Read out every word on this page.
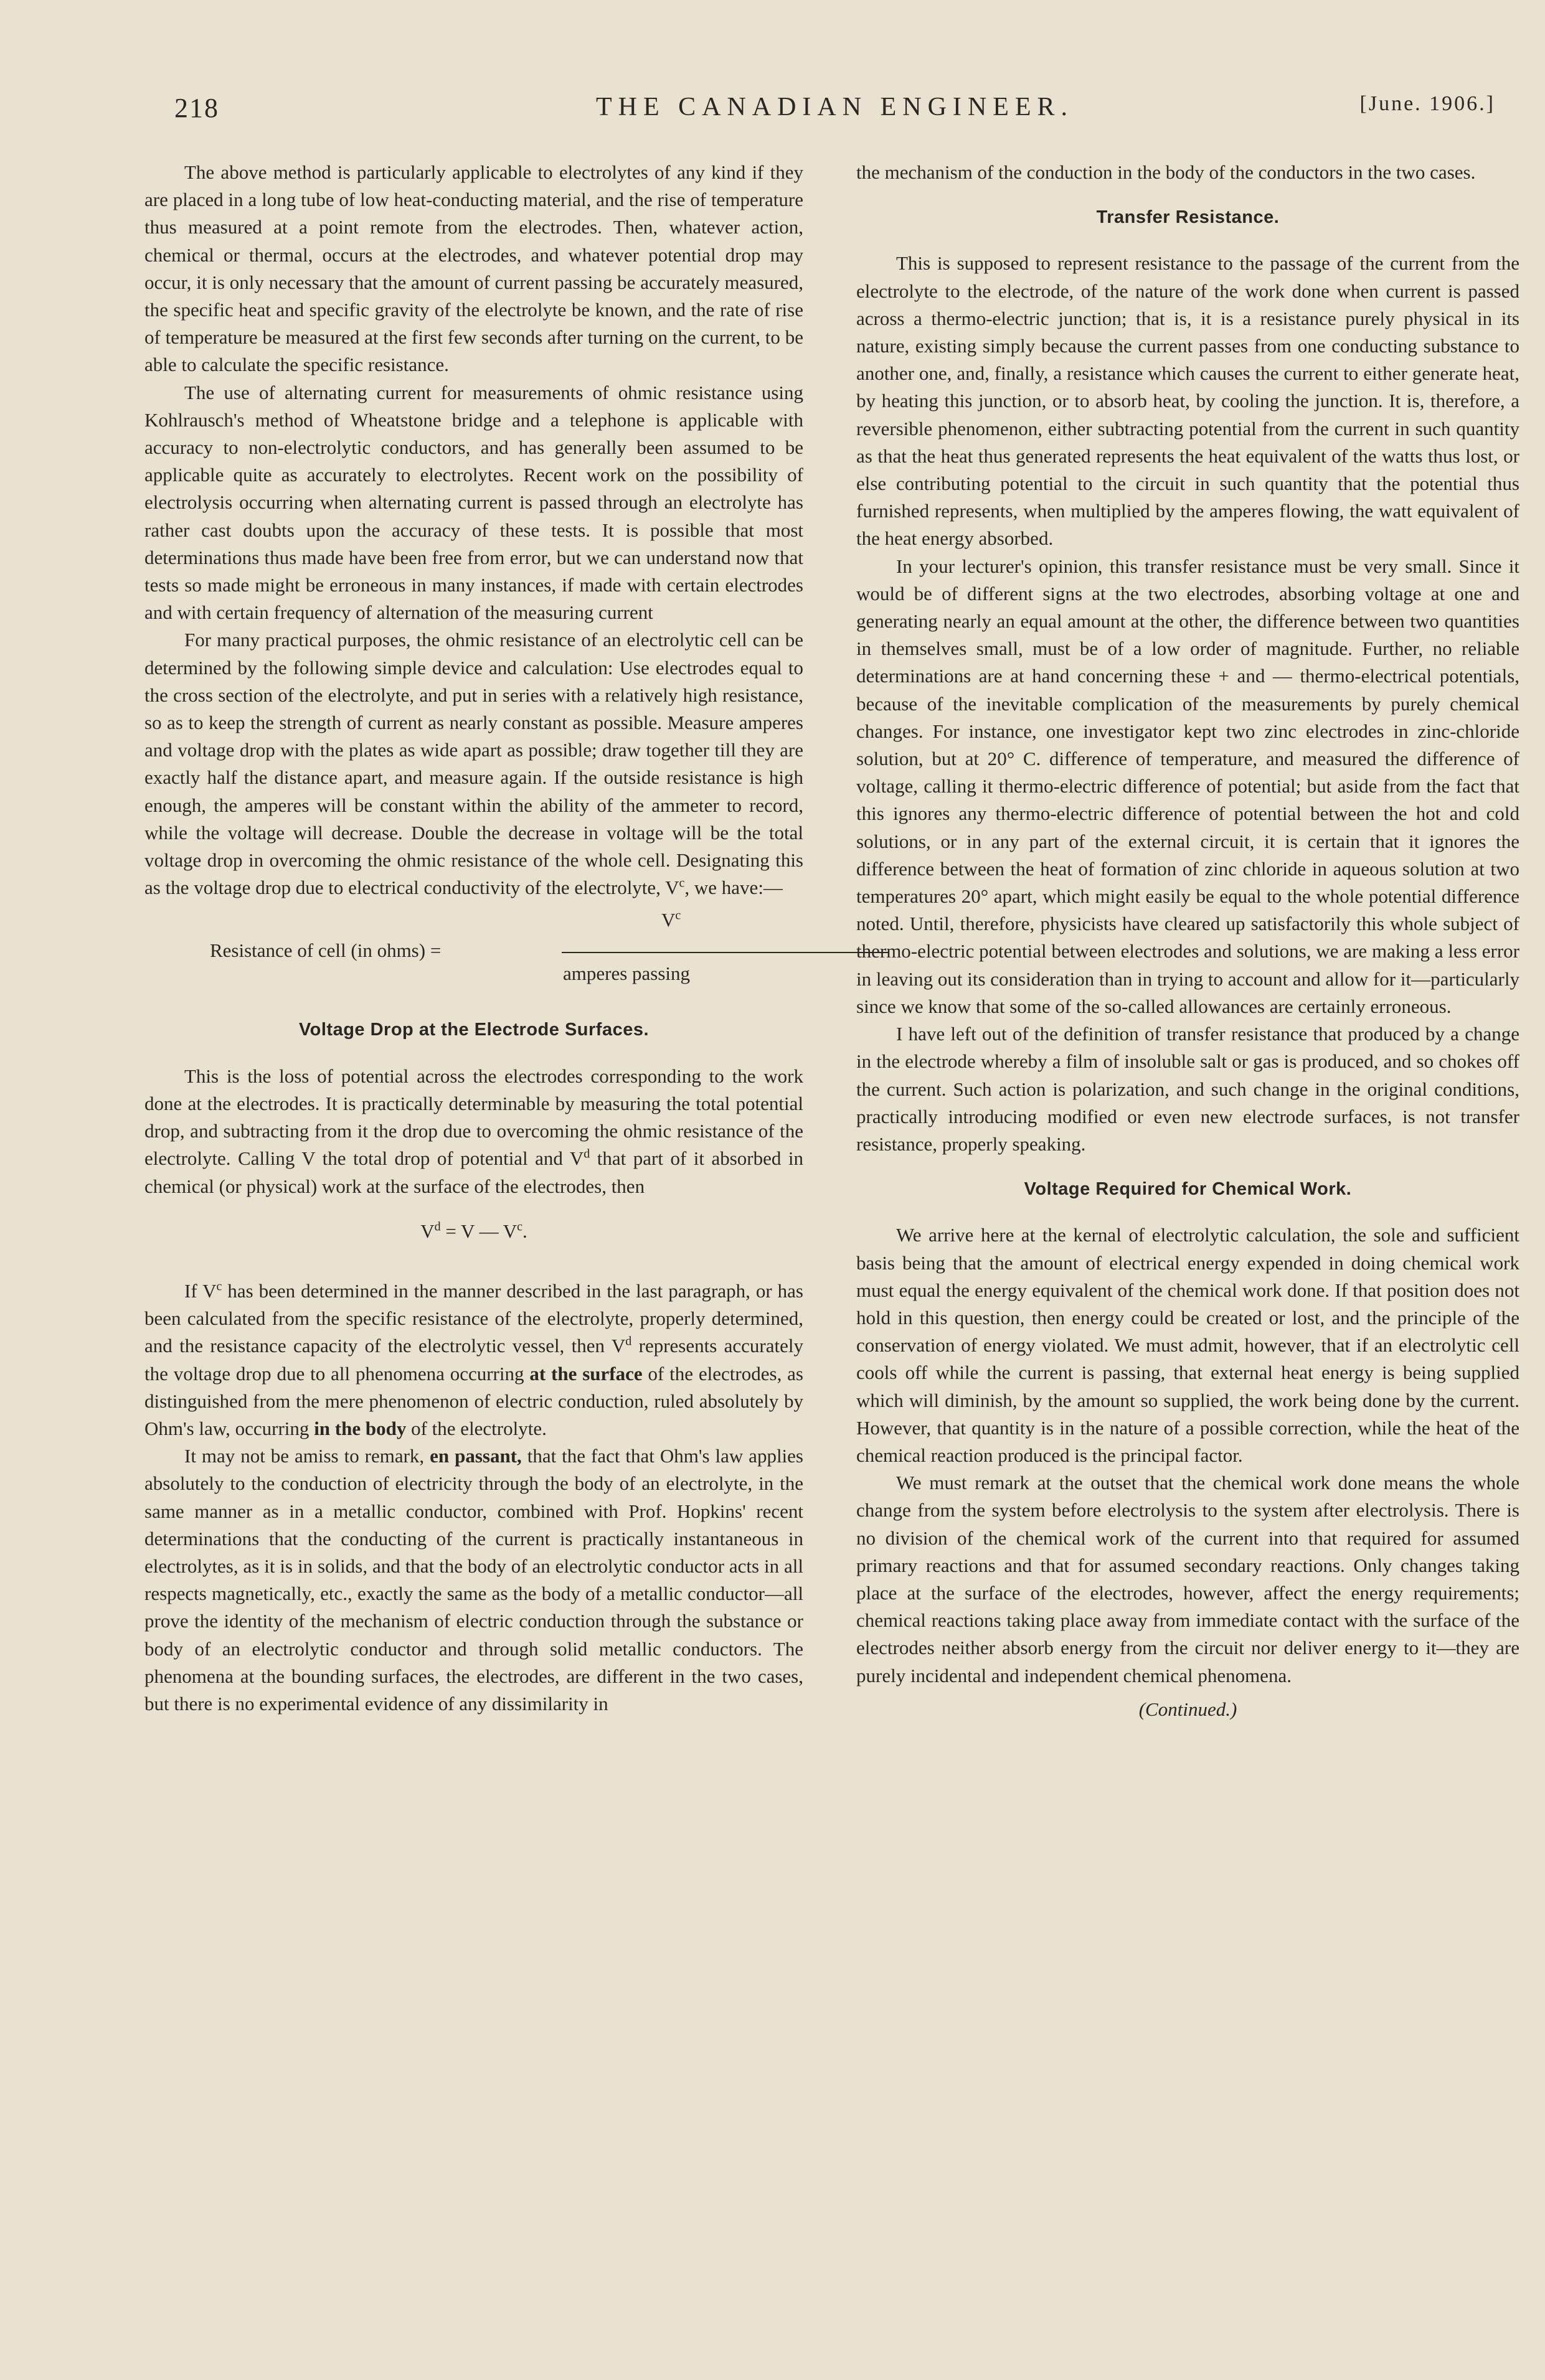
218	THE CANADIAN ENGINEER.	[June. 1906.]

The above method is particularly applicable to electrolytes of any kind if they are placed in a long tube of low heat-conducting material, and the rise of temperature thus measured at a point remote from the electrodes. Then, whatever action, chemical or thermal, occurs at the electrodes, and whatever potential drop may occur, it is only necessary that the amount of current passing be accurately measured, the specific heat and specific gravity of the electrolyte be known, and the rate of rise of temperature be measured at the first few seconds after turning on the current, to be able to calculate the specific resistance.

The use of alternating current for measurements of ohmic resistance using Kohlrausch's method of Wheatstone bridge and a telephone is applicable with accuracy to non-electrolytic conductors, and has generally been assumed to be applicable quite as accurately to electrolytes. Recent work on the possibility of electrolysis occurring when alternating current is passed through an electrolyte has rather cast doubts upon the accuracy of these tests. It is possible that most determinations thus made have been free from error, but we can understand now that tests so made might be erroneous in many instances, if made with certain electrodes and with certain frequency of alternation of the measuring current

For many practical purposes, the ohmic resistance of an electrolytic cell can be determined by the following simple device and calculation: Use electrodes equal to the cross section of the electrolyte, and put in series with a relatively high resistance, so as to keep the strength of current as nearly constant as possible. Measure amperes and voltage drop with the plates as wide apart as possible; draw together till they are exactly half the distance apart, and measure again. If the outside resistance is high enough, the amperes will be constant within the ability of the ammeter to record, while the voltage will decrease. Double the decrease in voltage will be the total voltage drop in overcoming the ohmic resistance of the whole cell. Designating this as the voltage drop due to electrical conductivity of the electrolyte, $V^c$, we have:—

$V^c$
Resistance of cell (in ohms) =
amperes passing
Voltage Drop at the Electrode Surfaces.

This is the loss of potential across the electrodes corresponding to the work done at the electrodes. It is practically determinable by measuring the total potential drop, and subtracting from it the drop due to overcoming the ohmic resistance of the electrolyte. Calling V the total drop of potential and $V^d$ that part of it absorbed in chemical (or physical) work at the surface of the electrodes, then

$V^d = V$ — $V^c$.

If $V^c$ has been determined in the manner described in the last paragraph, or has been calculated from the specific resistance of the electrolyte, properly determined, and the resistance capacity of the electrolytic vessel, then $V^d$ represents accurately the voltage drop due to all phenomena occurring at the surface of the electrodes, as distinguished from the mere phenomenon of electric conduction, ruled absolutely by Ohm's law, occurring in the body of the electrolyte.

It may not be amiss to remark, en passant, that the fact that Ohm's law applies absolutely to the conduction of electricity through the body of an electrolyte, in the same manner as in a metallic conductor, combined with Prof. Hopkins' recent determinations that the conducting of the current is practically instantaneous in electrolytes, as it is in solids, and that the body of an electrolytic conductor acts in all respects magnetically, etc., exactly the same as the body of a metallic conductor—all prove the identity of the mechanism of electric conduction through the substance or body of an electrolytic conductor and through solid metallic conductors. The phenomena at the bounding surfaces, the electrodes, are different in the two cases, but there is no experimental evidence of any dissimilarity in

the mechanism of the conduction in the body of the conductors in the two cases.

Transfer Resistance.

This is supposed to represent resistance to the passage of the current from the electrolyte to the electrode, of the nature of the work done when current is passed across a thermo-electric junction; that is, it is a resistance purely physical in its nature, existing simply because the current passes from one conducting substance to another one, and, finally, a resistance which causes the current to either generate heat, by heating this junction, or to absorb heat, by cooling the junction. It is, therefore, a reversible phenomenon, either subtracting potential from the current in such quantity as that the heat thus generated represents the heat equivalent of the watts thus lost, or else contributing potential to the circuit in such quantity that the potential thus furnished represents, when multiplied by the amperes flowing, the watt equivalent of the heat energy absorbed.

In your lecturer's opinion, this transfer resistance must be very small. Since it would be of different signs at the two electrodes, absorbing voltage at one and generating nearly an equal amount at the other, the difference between two quantities in themselves small, must be of a low order of magnitude. Further, no reliable determinations are at hand concerning these + and — thermo-electrical potentials, because of the inevitable complication of the measurements by purely chemical changes. For instance, one investigator kept two zinc electrodes in zinc-chloride solution, but at 20° C. difference of temperature, and measured the difference of voltage, calling it thermo-electric difference of potential; but aside from the fact that this ignores any thermo-electric difference of potential between the hot and cold solutions, or in any part of the external circuit, it is certain that it ignores the difference between the heat of formation of zinc chloride in aqueous solution at two temperatures 20° apart, which might easily be equal to the whole potential difference noted. Until, therefore, physicists have cleared up satisfactorily this whole subject of thermo-electric potential between electrodes and solutions, we are making a less error in leaving out its consideration than in trying to account and allow for it—particularly since we know that some of the so-called allowances are certainly erroneous.

I have left out of the definition of transfer resistance that produced by a change in the electrode whereby a film of insoluble salt or gas is produced, and so chokes off the current. Such action is polarization, and such change in the original conditions, practically introducing modified or even new electrode surfaces, is not transfer resistance, properly speaking.

Voltage Required for Chemical Work.

We arrive here at the kernal of electrolytic calculation, the sole and sufficient basis being that the amount of electrical energy expended in doing chemical work must equal the energy equivalent of the chemical work done. If that position does not hold in this question, then energy could be created or lost, and the principle of the conservation of energy violated. We must admit, however, that if an electrolytic cell cools off while the current is passing, that external heat energy is being supplied which will diminish, by the amount so supplied, the work being done by the current. However, that quantity is in the nature of a possible correction, while the heat of the chemical reaction produced is the principal factor.

We must remark at the outset that the chemical work done means the whole change from the system before electrolysis to the system after electrolysis. There is no division of the chemical work of the current into that required for assumed primary reactions and that for assumed secondary reactions. Only changes taking place at the surface of the electrodes, however, affect the energy requirements; chemical reactions taking place away from immediate contact with the surface of the electrodes neither absorb energy from the circuit nor deliver energy to it—they are purely incidental and independent chemical phenomena.

(Continued.)
